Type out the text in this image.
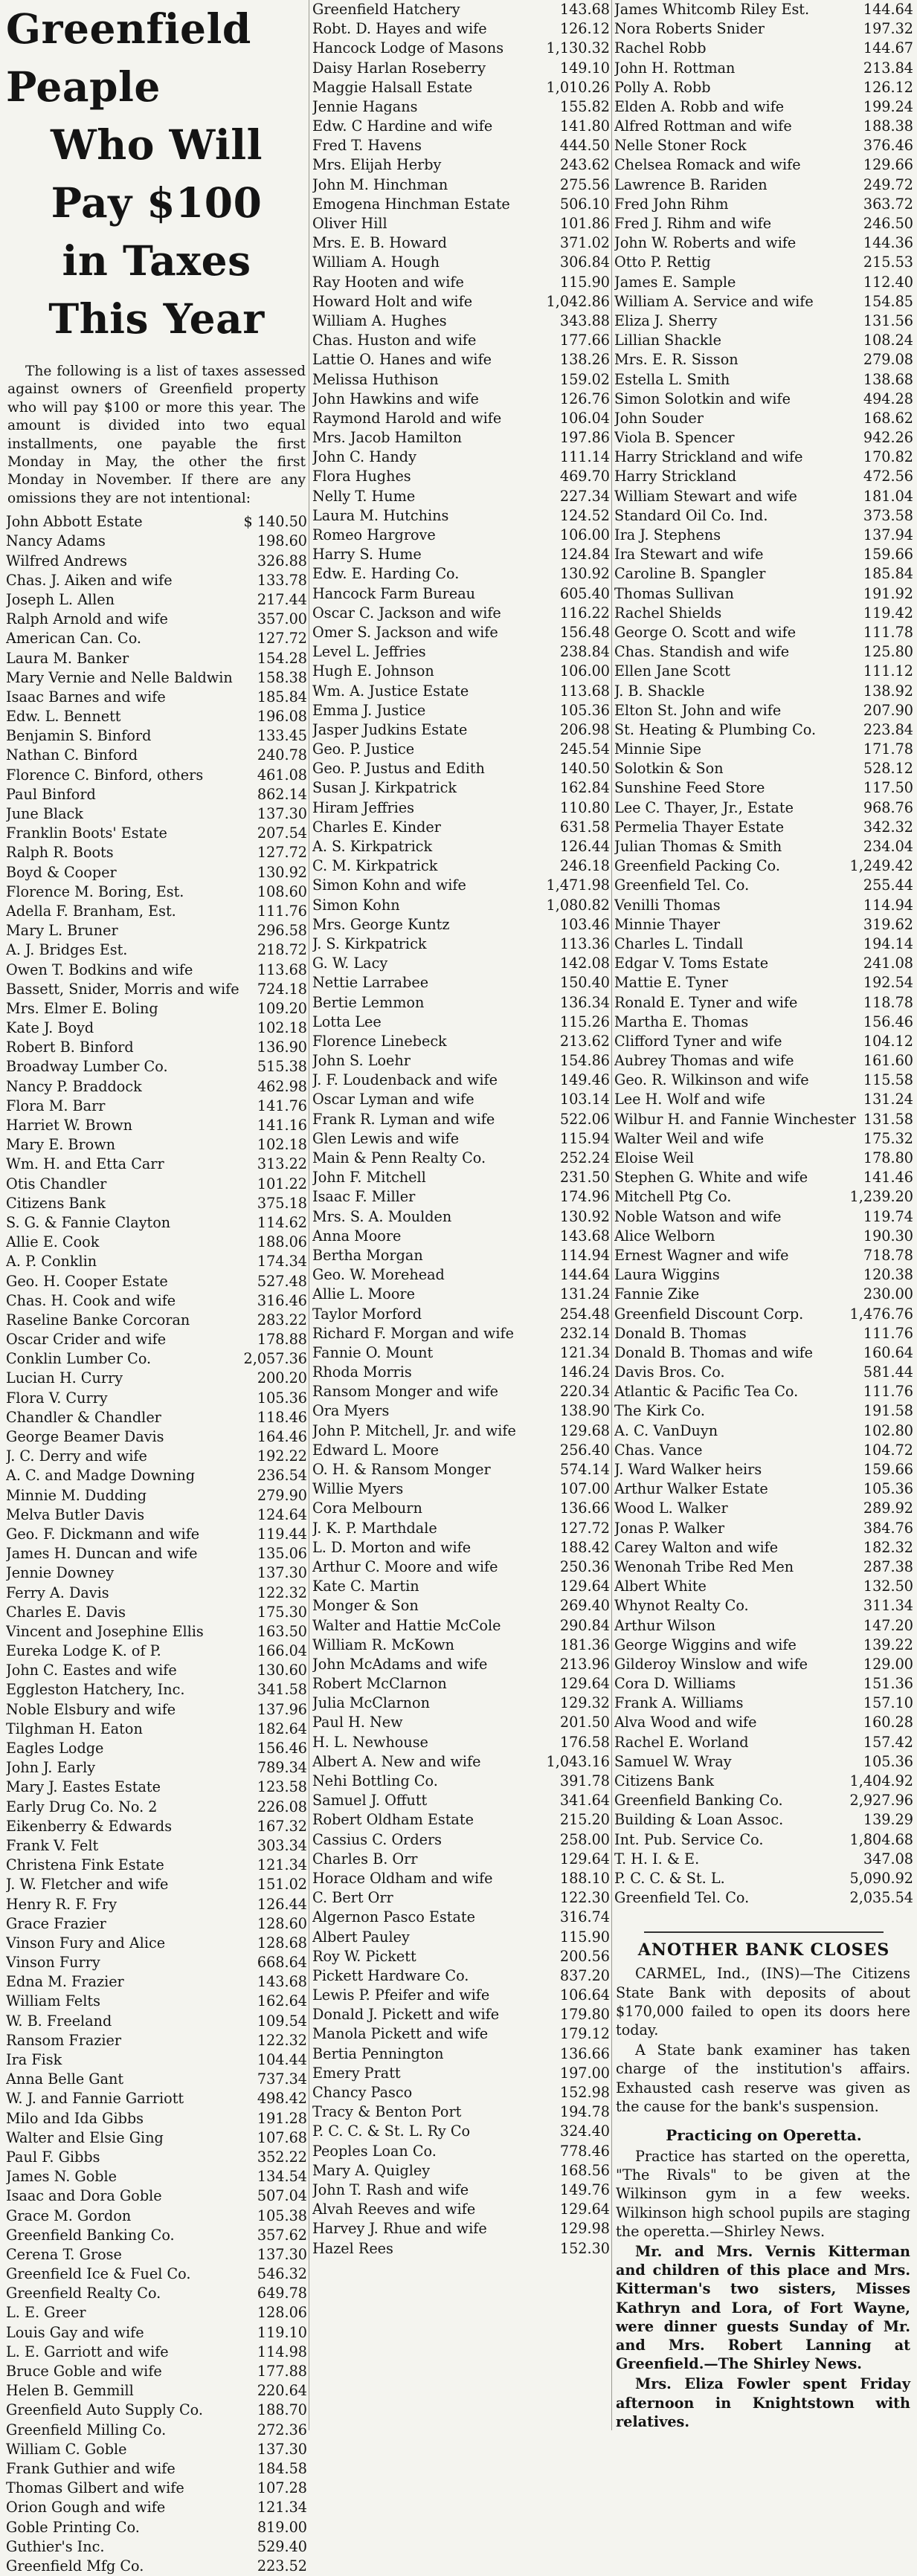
Greenfield Peaple
Who Will Pay $100
in Taxes This Year

The following is a list of taxes assessed against owners of Greenfield property who will pay $100 or more this year. The amount is divided into two equal installments, one payable the first Monday in May, the other the first Monday in November. If there are any omissions they are not intentional:

John Abbott Estate	$ 140.50
Nancy Adams	198.60
Wilfred Andrews	326.88
Chas. J. Aiken and wife	133.78
Joseph L. Allen	217.44
Ralph Arnold and wife	357.00
American Can. Co.	127.72
Laura M. Banker	154.28
Mary Vernie and Nelle Baldwin	158.38
Isaac Barnes and wife	185.84
Edw. L. Bennett	196.08
Benjamin S. Binford	133.45
Nathan C. Binford	240.78
Florence C. Binford, others	461.08
Paul Binford	862.14
June Black	137.30
Franklin Boots' Estate	207.54
Ralph R. Boots	127.72
Boyd & Cooper	130.92
Florence M. Boring, Est.	108.60
Adella F. Branham, Est.	111.76
Mary L. Bruner	296.58
A. J. Bridges Est.	218.72
Owen T. Bodkins and wife	113.68
Bassett, Snider, Morris and wife	724.18
Mrs. Elmer E. Boling	109.20
Kate J. Boyd	102.18
Robert B. Binford	136.90
Broadway Lumber Co.	515.38
Nancy P. Braddock	462.98
Flora M. Barr	141.76
Harriet W. Brown	141.16
Mary E. Brown	102.18
Wm. H. and Etta Carr	313.22
Otis Chandler	101.22
Citizens Bank	375.18
S. G. & Fannie Clayton	114.62
Allie E. Cook	188.06
A. P. Conklin	174.34
Geo. H. Cooper Estate	527.48
Chas. H. Cook and wife	316.46
Raseline Banke Corcoran	283.22
Oscar Crider and wife	178.88
Conklin Lumber Co.	2,057.36
Lucian H. Curry	200.20
Flora V. Curry	105.36
Chandler & Chandler	118.46
George Beamer Davis	164.46
J. C. Derry and wife	192.22
A. C. and Madge Downing	236.54
Minnie M. Dudding	279.90
Melva Butler Davis	124.64
Geo. F. Dickmann and wife	119.44
James H. Duncan and wife	135.06
Jennie Downey	137.30
Ferry A. Davis	122.32
Charles E. Davis	175.30
Vincent and Josephine Ellis	163.50
Eureka Lodge K. of P.	166.04
John C. Eastes and wife	130.60
Eggleston Hatchery, Inc.	341.58
Noble Elsbury and wife	137.96
Tilghman H. Eaton	182.64
Eagles Lodge	156.46
John J. Early	789.34
Mary J. Eastes Estate	123.58
Early Drug Co. No. 2	226.08
Eikenberry & Edwards	167.32
Frank V. Felt	303.34
Christena Fink Estate	121.34
J. W. Fletcher and wife	151.02
Henry R. F. Fry	126.44
Grace Frazier	128.60
Vinson Fury and Alice	128.68
Vinson Furry	668.64
Edna M. Frazier	143.68
William Felts	162.64
W. B. Freeland	109.54
Ransom Frazier	122.32
Ira Fisk	104.44
Anna Belle Gant	737.34
W. J. and Fannie Garriott	498.42
Milo and Ida Gibbs	191.28
Walter and Elsie Ging	107.68
Paul F. Gibbs	352.22
James N. Goble	134.54
Isaac and Dora Goble	507.04
Grace M. Gordon	105.38
Greenfield Banking Co.	357.62
Cerena T. Grose	137.30
Greenfield Ice & Fuel Co.	546.32
Greenfield Realty Co.	649.78
L. E. Greer	128.06
Louis Gay and wife	119.10
L. E. Garriott and wife	114.98
Bruce Goble and wife	177.88
Helen B. Gemmill	220.64
Greenfield Auto Supply Co.	188.70
Greenfield Milling Co.	272.36
William C. Goble	137.30
Frank Guthier and wife	184.58
Thomas Gilbert and wife	107.28
Orion Gough and wife	121.34
Goble Printing Co.	819.00
Guthier's Inc.	529.40
Greenfield Mfg Co.	223.52
Greenfield Hatchery	143.68
Robt. D. Hayes and wife	126.12
Hancock Lodge of Masons	1,130.32
Daisy Harlan Roseberry	149.10
Maggie Halsall Estate	1,010.26
Jennie Hagans	155.82
Edw. C Hardine and wife	141.80
Fred T. Havens	444.50
Mrs. Elijah Herby	243.62
John M. Hinchman	275.56
Emogena Hinchman Estate	506.10
Oliver Hill	101.86
Mrs. E. B. Howard	371.02
William A. Hough	306.84
Ray Hooten and wife	115.90
Howard Holt and wife	1,042.86
William A. Hughes	343.88
Chas. Huston and wife	177.66
Lattie O. Hanes and wife	138.26
Melissa Huthison	159.02
John Hawkins and wife	126.76
Raymond Harold and wife	106.04
Mrs. Jacob Hamilton	197.86
John C. Handy	111.14
Flora Hughes	469.70
Nelly T. Hume	227.34
Laura M. Hutchins	124.52
Romeo Hargrove	106.00
Harry S. Hume	124.84
Edw. E. Harding Co.	130.92
Hancock Farm Bureau	605.40
Oscar C. Jackson and wife	116.22
Omer S. Jackson and wife	156.48
Level L. Jeffries	238.84
Hugh E. Johnson	106.00
Wm. A. Justice Estate	113.68
Emma J. Justice	105.36
Jasper Judkins Estate	206.98
Geo. P. Justice	245.54
Geo. P. Justus and Edith	140.50
Susan J. Kirkpatrick	162.84
Hiram Jeffries	110.80
Charles E. Kinder	631.58
A. S. Kirkpatrick	126.44
C. M. Kirkpatrick	246.18
Simon Kohn and wife	1,471.98
Simon Kohn	1,080.82
Mrs. George Kuntz	103.46
J. S. Kirkpatrick	113.36
G. W. Lacy	142.08
Nettie Larrabee	150.40
Bertie Lemmon	136.34
Lotta Lee	115.26
Florence Linebeck	213.62
John S. Loehr	154.86
J. F. Loudenback and wife	149.46
Oscar Lyman and wife	103.14
Frank R. Lyman and wife	522.06
Glen Lewis and wife	115.94
Main & Penn Realty Co.	252.24
John F. Mitchell	231.50
Isaac F. Miller	174.96
Mrs. S. A. Moulden	130.92
Anna Moore	143.68
Bertha Morgan	114.94
Geo. W. Morehead	144.64
Allie L. Moore	131.24
Taylor Morford	254.48
Richard F. Morgan and wife	232.14
Fannie O. Mount	121.34
Rhoda Morris	146.24
Ransom Monger and wife	220.34
Ora Myers	138.90
John P. Mitchell, Jr. and wife	129.68
Edward L. Moore	256.40
O. H. & Ransom Monger	574.14
Willie Myers	107.00
Cora Melbourn	136.66
J. K. P. Marthdale	127.72
L. D. Morton and wife	188.42
Arthur C. Moore and wife	250.36
Kate C. Martin	129.64
Monger & Son	269.40
Walter and Hattie McCole	290.84
William R. McKown	181.36
John McAdams and wife	213.96
Robert McClarnon	129.64
Julia McClarnon	129.32
Paul H. New	201.50
H. L. Newhouse	176.58
Albert A. New and wife	1,043.16
Nehi Bottling Co.	391.78
Samuel J. Offutt	341.64
Robert Oldham Estate	215.20
Cassius C. Orders	258.00
Charles B. Orr	129.64
Horace Oldham and wife	188.10
C. Bert Orr	122.30
Algernon Pasco Estate	316.74
Albert Pauley	115.90
Roy W. Pickett	200.56
Pickett Hardware Co.	837.20
Lewis P. Pfeifer and wife	106.64
Donald J. Pickett and wife	179.80
Manola Pickett and wife	179.12
Bertia Pennington	136.66
Emery Pratt	197.00
Chancy Pasco	152.98
Tracy & Benton Port	194.78
P. C. C. & St. L. Ry Co	324.40
Peoples Loan Co.	778.46
Mary A. Quigley	168.56
John T. Rash and wife	149.76
Alvah Reeves and wife	129.64
Harvey J. Rhue and wife	129.98
Hazel Rees	152.30
James Whitcomb Riley Est.	144.64
Nora Roberts Snider	197.32
Rachel Robb	144.67
John H. Rottman	213.84
Polly A. Robb	126.12
Elden A. Robb and wife	199.24
Alfred Rottman and wife	188.38
Nelle Stoner Rock	376.46
Chelsea Romack and wife	129.66
Lawrence B. Rariden	249.72
Fred John Rihm	363.72
Fred J. Rihm and wife	246.50
John W. Roberts and wife	144.36
Otto P. Rettig	215.53
James E. Sample	112.40
William A. Service and wife	154.85
Eliza J. Sherry	131.56
Lillian Shackle	108.24
Mrs. E. R. Sisson	279.08
Estella L. Smith	138.68
Simon Solotkin and wife	494.28
John Souder	168.62
Viola B. Spencer	942.26
Harry Strickland and wife	170.82
Harry Strickland	472.56
William Stewart and wife	181.04
Standard Oil Co. Ind.	373.58
Ira J. Stephens	137.94
Ira Stewart and wife	159.66
Caroline B. Spangler	185.84
Thomas Sullivan	191.92
Rachel Shields	119.42
George O. Scott and wife	111.78
Chas. Standish and wife	125.80
Ellen Jane Scott	111.12
J. B. Shackle	138.92
Elton St. John and wife	207.90
St. Heating & Plumbing Co.	223.84
Minnie Sipe	171.78
Solotkin & Son	528.12
Sunshine Feed Store	117.50
Lee C. Thayer, Jr., Estate	968.76
Permelia Thayer Estate	342.32
Julian Thomas & Smith	234.04
Greenfield Packing Co.	1,249.42
Greenfield Tel. Co.	255.44
Venilli Thomas	114.94
Minnie Thayer	319.62
Charles L. Tindall	194.14
Edgar V. Toms Estate	241.08
Mattie E. Tyner	192.54
Ronald E. Tyner and wife	118.78
Martha E. Thomas	156.46
Clifford Tyner and wife	104.12
Aubrey Thomas and wife	161.60
Geo. R. Wilkinson and wife	115.58
Lee H. Wolf and wife	131.24
Wilbur H. and Fannie Winchester 131.58
Walter Weil and wife	175.32
Eloise Weil	178.80
Stephen G. White and wife	141.46
Mitchell Ptg Co.	1,239.20
Noble Watson and wife	119.74
Alice Welborn	190.30
Ernest Wagner and wife	718.78
Laura Wiggins	120.38
Fannie Zike	230.00
Greenfield Discount Corp.	1,476.76
Donald B. Thomas	111.76
Donald B. Thomas and wife	160.64
Davis Bros. Co.	581.44
Atlantic & Pacific Tea Co.	111.76
The Kirk Co.	191.58
A. C. VanDuyn	102.80
Chas. Vance	104.72
J. Ward Walker heirs	159.66
Arthur Walker Estate	105.36
Wood L. Walker	289.92
Jonas P. Walker	384.76
Carey Walton and wife	182.32
Wenonah Tribe Red Men	287.38
Albert White	132.50
Whynot Realty Co.	311.34
Arthur Wilson	147.20
George Wiggins and wife	139.22
Gilderoy Winslow and wife	129.00
Cora D. Williams	151.36
Frank A. Williams	157.10
Alva Wood and wife	160.28
Rachel E. Worland	157.42
Samuel W. Wray	105.36
Citizens Bank	1,404.92
Greenfield Banking Co.	2,927.96
Building & Loan Assoc.	139.29
Int. Pub. Service Co.	1,804.68
T. H. I. & E.	347.08
P. C. C. & St. L.	5,090.92
Greenfield Tel. Co.	2,035.54
ANOTHER BANK CLOSES

CARMEL, Ind., (INS)—The Citizens State Bank with deposits of about $170,000 failed to open its doors here today.

A State bank examiner has taken charge of the institution's affairs. Exhausted cash reserve was given as the cause for the bank's suspension.

Practicing on Operetta.

Practice has started on the operetta, "The Rivals" to be given at the Wilkinson gym in a few weeks. Wilkinson high school pupils are staging the operetta.—Shirley News.

Mr. and Mrs. Vernis Kitterman and children of this place and Mrs. Kitterman's two sisters, Misses Kathryn and Lora, of Fort Wayne, were dinner guests Sunday of Mr. and Mrs. Robert Lanning at Greenfield.—The Shirley News.

Mrs. Eliza Fowler spent Friday afternoon in Knightstown with relatives.
